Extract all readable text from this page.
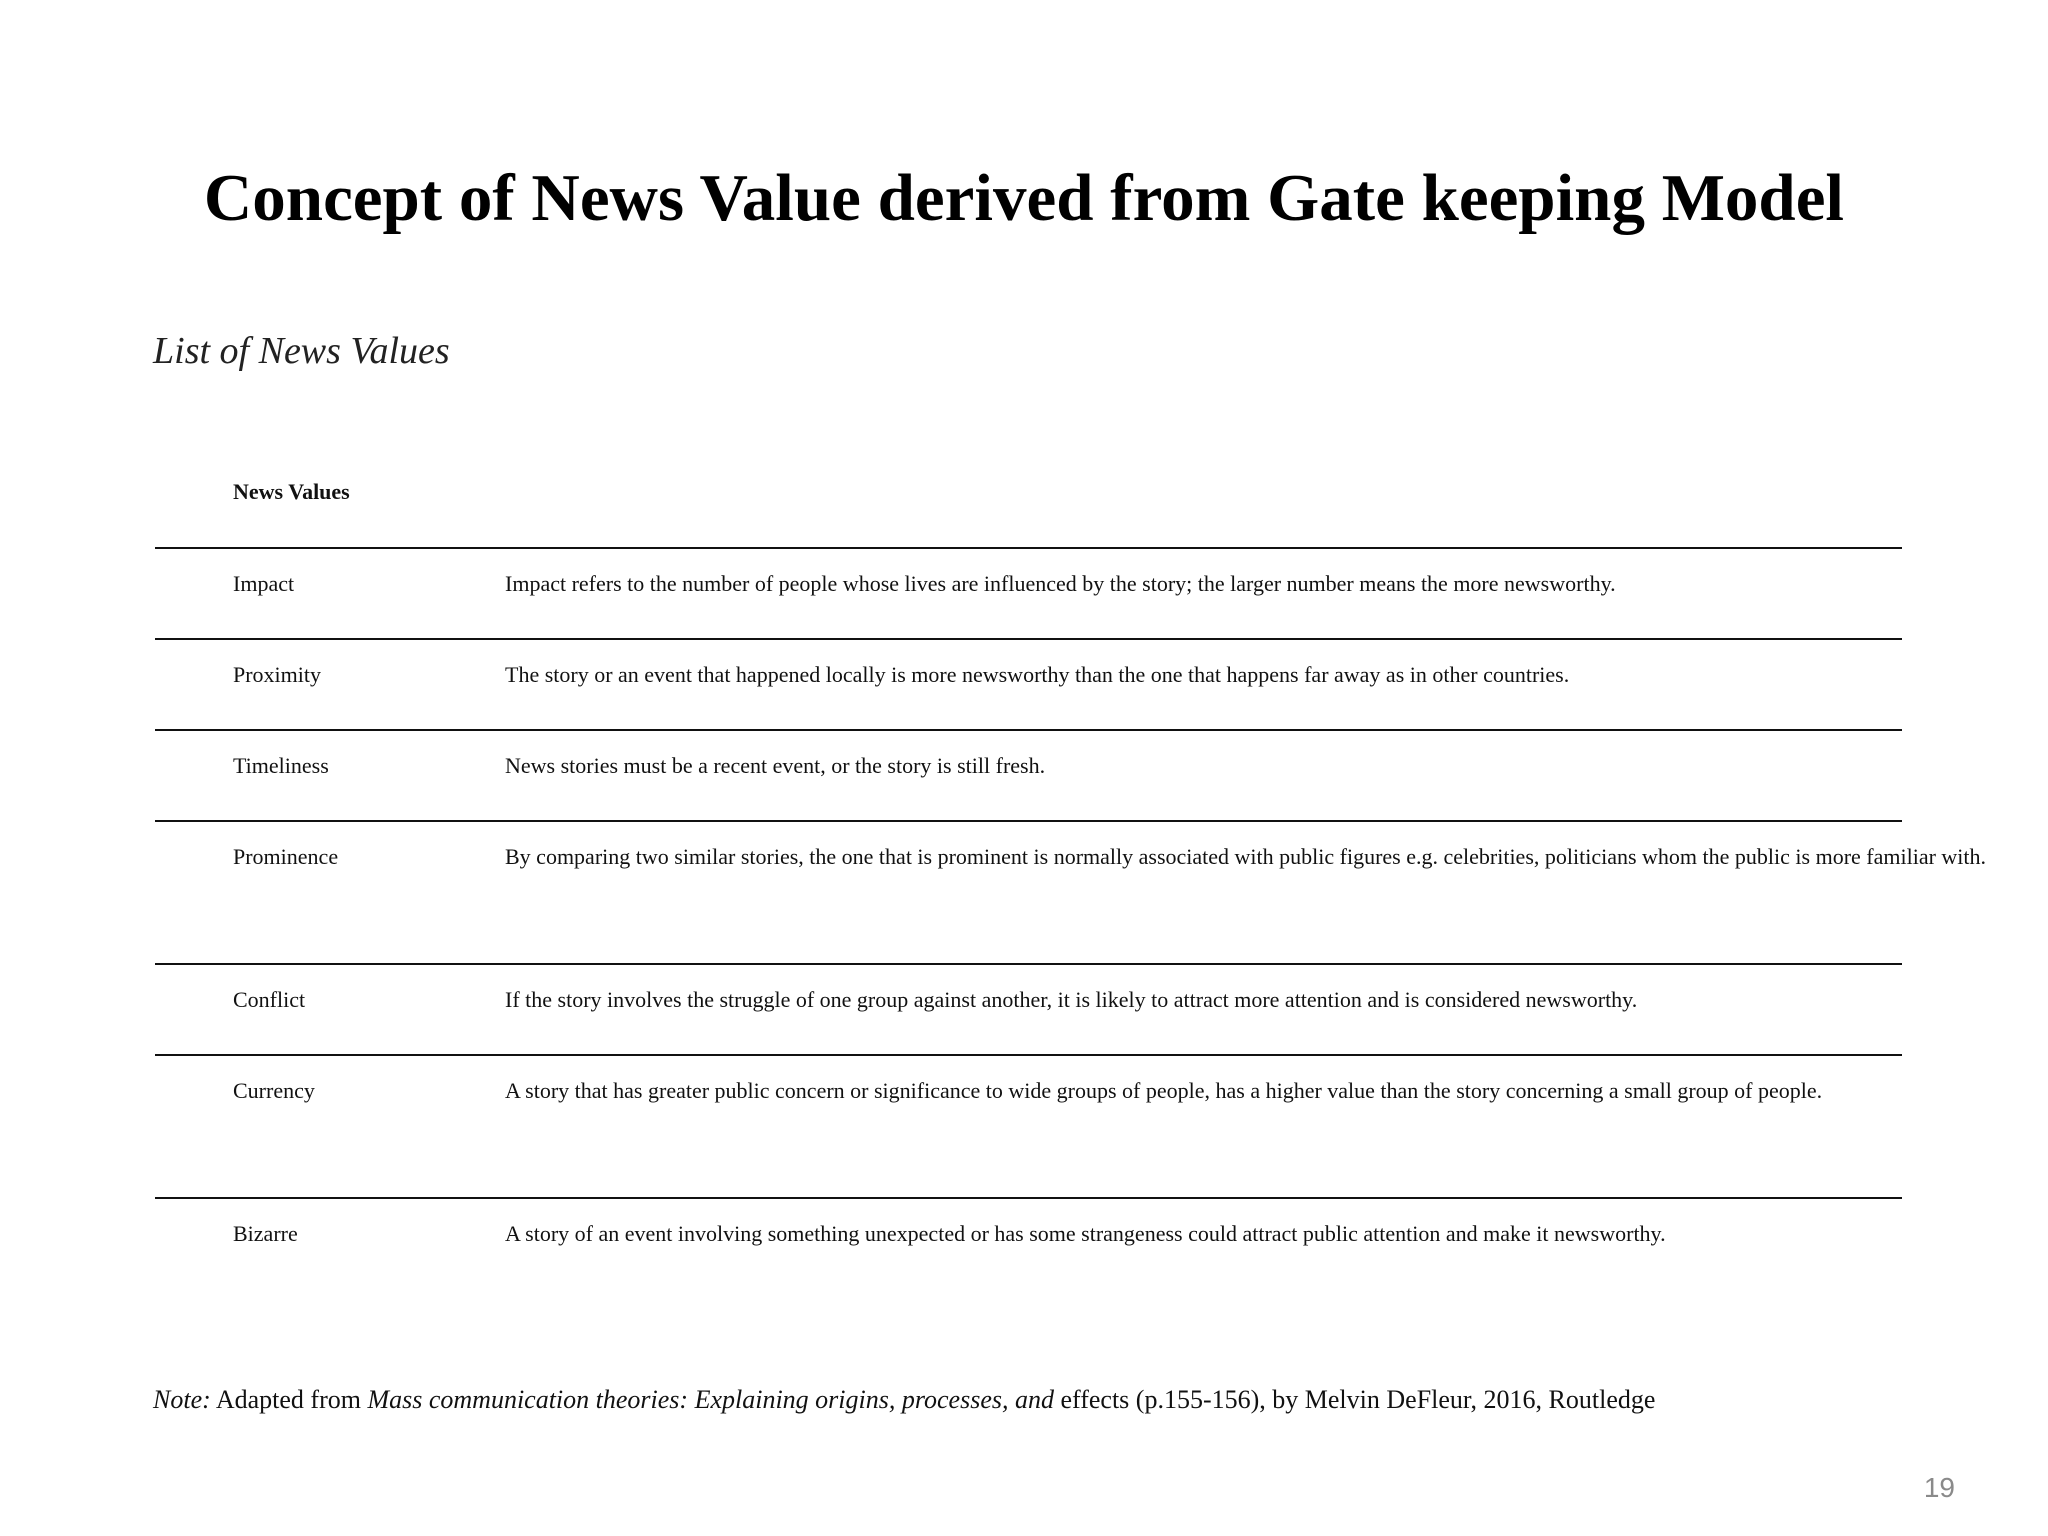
Concept of News Value derived from Gate keeping Model
List of News Values
News Values
Impact	Impact refers to the number of people whose lives are influenced by the story; the larger number means the more newsworthy.
Proximity	The story or an event that happened locally is more newsworthy than the one that happens far away as in other countries.
Timeliness	News stories must be a recent event, or the story is still fresh.
Prominence	By comparing two similar stories, the one that is prominent is normally associated with public figures e.g. celebrities, politicians whom the public is more familiar with.
Conflict	If the story involves the struggle of one group against another, it is likely to attract more attention and is considered newsworthy.
Currency	A story that has greater public concern or significance to wide groups of people, has a higher value than the story concerning a small group of people.
Bizarre	A story of an event involving something unexpected or has some strangeness could attract public attention and make it newsworthy.
Note: Adapted from Mass communication theories: Explaining origins, processes, and effects (p.155-156), by Melvin DeFleur, 2016, Routledge
19
